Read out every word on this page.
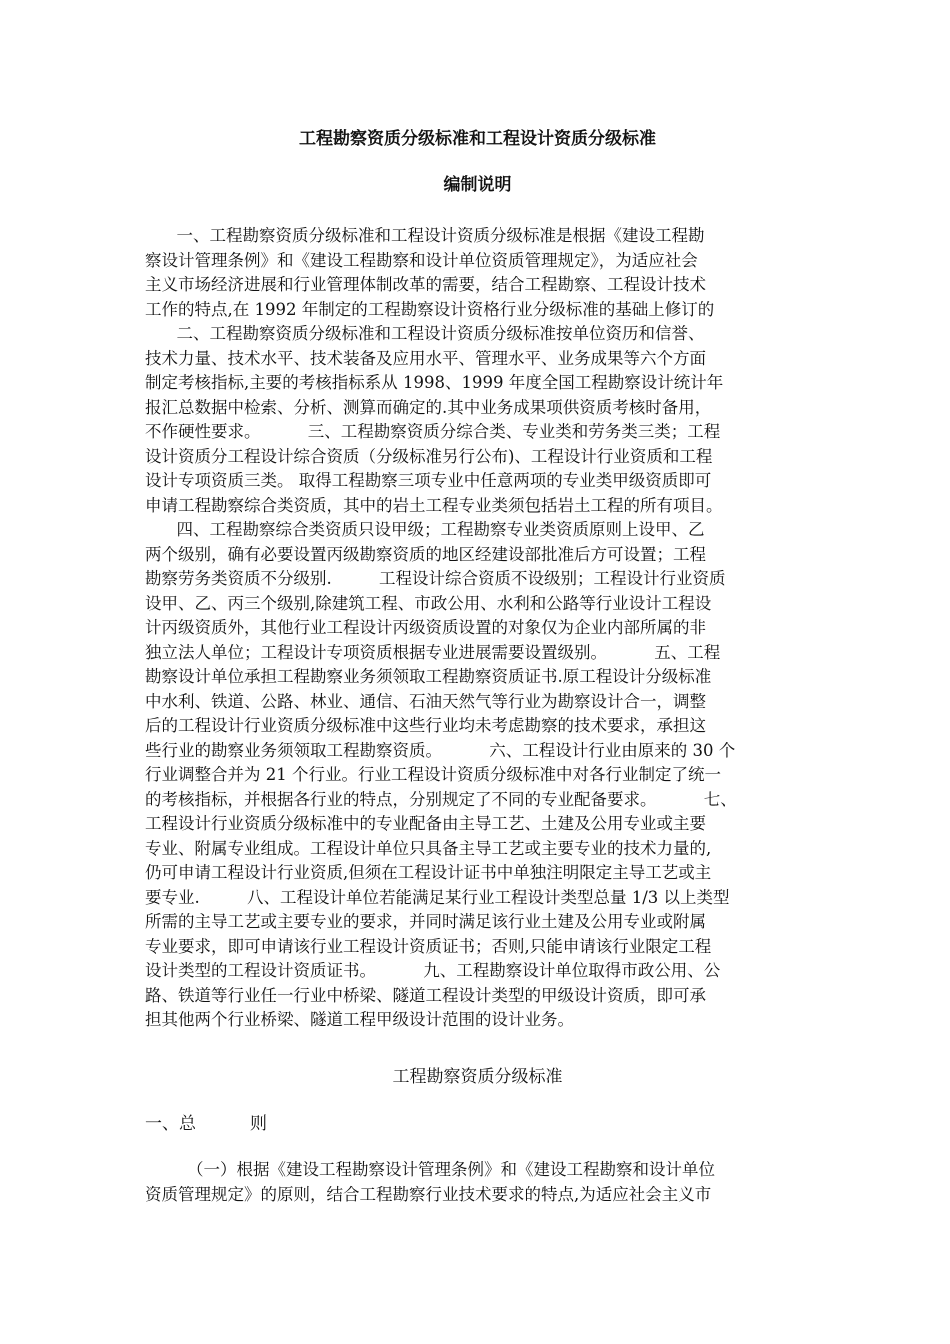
工程勘察资质分级标准和工程设计资质分级标准
编制说明
一、工程勘察资质分级标准和工程设计资质分级标准是根据《建设工程勘
察设计管理条例》和《建设工程勘察和设计单位资质管理规定》，为适应社会
主义市场经济进展和行业管理体制改革的需要，结合工程勘察、工程设计技术
工作的特点,在 1992 年制定的工程勘察设计资格行业分级标准的基础上修订的
二、工程勘察资质分级标准和工程设计资质分级标准按单位资历和信誉、
技术力量、技术水平、技术装备及应用水平、管理水平、业务成果等六个方面
制定考核指标,主要的考核指标系从 1998、1999 年度全国工程勘察设计统计年
报汇总数据中检索、分析、测算而确定的.其中业务成果项供资质考核时备用，
不作硬性要求。         三、工程勘察资质分综合类、专业类和劳务类三类；工程
设计资质分工程设计综合资质（分级标准另行公布)、工程设计行业资质和工程
设计专项资质三类。 取得工程勘察三项专业中任意两项的专业类甲级资质即可
申请工程勘察综合类资质，其中的岩土工程专业类须包括岩土工程的所有项目。
四、工程勘察综合类资质只设甲级；工程勘察专业类资质原则上设甲、乙
两个级别，确有必要设置丙级勘察资质的地区经建设部批准后方可设置；工程
勘察劳务类资质不分级别.         工程设计综合资质不设级别；工程设计行业资质
设甲、乙、丙三个级别,除建筑工程、市政公用、水利和公路等行业设计工程设
计丙级资质外，其他行业工程设计丙级资质设置的对象仅为企业内部所属的非
独立法人单位；工程设计专项资质根据专业进展需要设置级别。         五、工程
勘察设计单位承担工程勘察业务须领取工程勘察资质证书.原工程设计分级标准
中水利、铁道、公路、林业、通信、石油天然气等行业为勘察设计合一，调整
后的工程设计行业资质分级标准中这些行业均未考虑勘察的技术要求，承担这
些行业的勘察业务须领取工程勘察资质。         六、工程设计行业由原来的 30 个
行业调整合并为 21 个行业。行业工程设计资质分级标准中对各行业制定了统一
的考核指标，并根据各行业的特点，分别规定了不同的专业配备要求。         七、
工程设计行业资质分级标准中的专业配备由主导工艺、土建及公用专业或主要
专业、附属专业组成。工程设计单位只具备主导工艺或主要专业的技术力量的,
仍可申请工程设计行业资质,但须在工程设计证书中单独注明限定主导工艺或主
要专业.         八、工程设计单位若能满足某行业工程设计类型总量 1/3 以上类型
所需的主导工艺或主要专业的要求，并同时满足该行业土建及公用专业或附属
专业要求，即可申请该行业工程设计资质证书；否则,只能申请该行业限定工程
设计类型的工程设计资质证书。         九、工程勘察设计单位取得市政公用、公
路、铁道等行业任一行业中桥梁、隧道工程设计类型的甲级设计资质，即可承
担其他两个行业桥梁、隧道工程甲级设计范围的设计业务。
工程勘察资质分级标准
一、总          则
（一）根据《建设工程勘察设计管理条例》和《建设工程勘察和设计单位
资质管理规定》的原则，结合工程勘察行业技术要求的特点,为适应社会主义市
